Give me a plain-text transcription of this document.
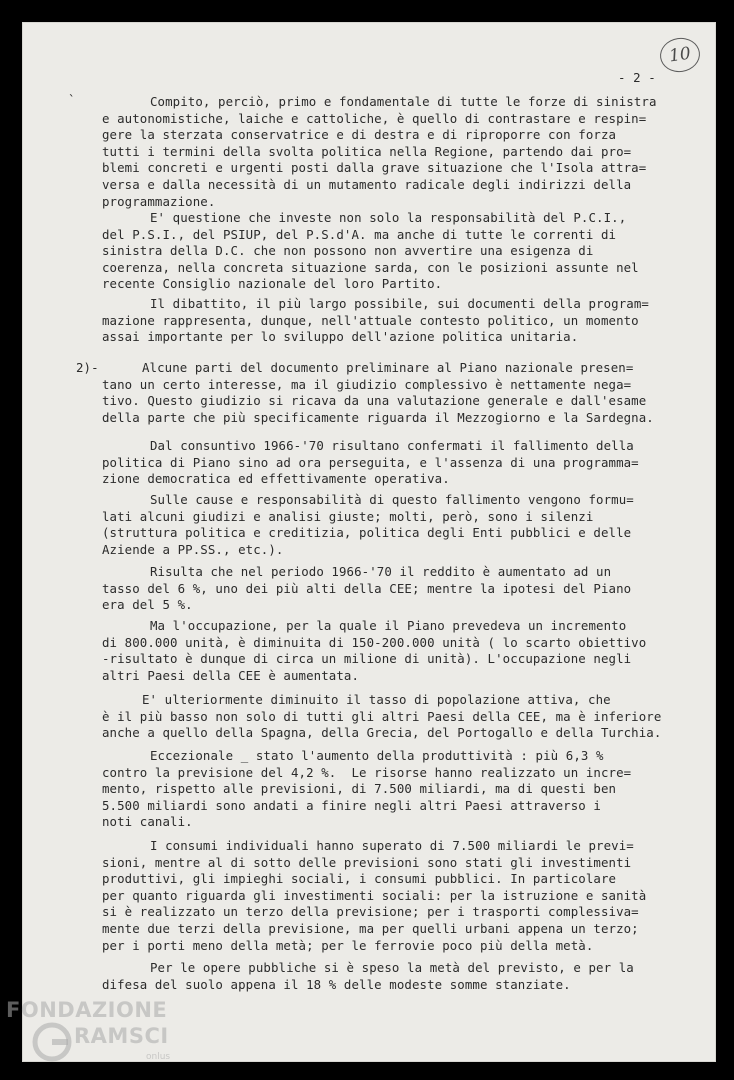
10
- 2 -
`
2)-
Compito, perciò, primo e fondamentale di tutte le forze di sinistra
e autonomistiche, laiche e cattoliche, è quello di contrastare e respin=
gere la sterzata conservatrice e di destra e di riproporre con forza
tutti i termini della svolta politica nella Regione, partendo dai pro=
blemi concreti e urgenti posti dalla grave situazione che l'Isola attra=
versa e dalla necessità di un mutamento radicale degli indirizzi della
programmazione.
E' questione che investe non solo la responsabilità del P.C.I.,
del P.S.I., del PSIUP, del P.S.d'A. ma anche di tutte le correnti di
sinistra della D.C. che non possono non avvertire una esigenza di
coerenza, nella concreta situazione sarda, con le posizioni assunte nel
recente Consiglio nazionale del loro Partito.
Il dibattito, il più largo possibile, sui documenti della program=
mazione rappresenta, dunque, nell'attuale contesto politico, un momento
assai importante per lo sviluppo dell'azione politica unitaria.
Alcune parti del documento preliminare al Piano nazionale presen=
tano un certo interesse, ma il giudizio complessivo è nettamente nega=
tivo. Questo giudizio si ricava da una valutazione generale e dall'esame
della parte che più specificamente riguarda il Mezzogiorno e la Sardegna.
Dal consuntivo 1966-'70 risultano confermati il fallimento della
politica di Piano sino ad ora perseguita, e l'assenza di una programma=
zione democratica ed effettivamente operativa.
Sulle cause e responsabilità di questo fallimento vengono formu=
lati alcuni giudizi e analisi giuste; molti, però, sono i silenzi
(struttura politica e creditizia, politica degli Enti pubblici e delle
Aziende a PP.SS., etc.).
Risulta che nel periodo 1966-'70 il reddito è aumentato ad un
tasso del 6 %, uno dei più alti della CEE; mentre la ipotesi del Piano
era del 5 %.
Ma l'occupazione, per la quale il Piano prevedeva un incremento
di 800.000 unità, è diminuita di 150-200.000 unità ( lo scarto obiettivo
-risultato è dunque di circa un milione di unità). L'occupazione negli
altri Paesi della CEE è aumentata.
E' ulteriormente diminuito il tasso di popolazione attiva, che
è il più basso non solo di tutti gli altri Paesi della CEE, ma è inferiore
anche a quello della Spagna, della Grecia, del Portogallo e della Turchia.
Eccezionale _ stato l'aumento della produttività : più 6,3 %
contro la previsione del 4,2 %.  Le risorse hanno realizzato un incre=
mento, rispetto alle previsioni, di 7.500 miliardi, ma di questi ben
5.500 miliardi sono andati a finire negli altri Paesi attraverso i
noti canali.
I consumi individuali hanno superato di 7.500 miliardi le previ=
sioni, mentre al di sotto delle previsioni sono stati gli investimenti
produttivi, gli impieghi sociali, i consumi pubblici. In particolare
per quanto riguarda gli investimenti sociali: per la istruzione e sanità
si è realizzato un terzo della previsione; per i trasporti complessiva=
mente due terzi della previsione, ma per quelli urbani appena un terzo;
per i porti meno della metà; per le ferrovie poco più della metà.
Per le opere pubbliche si è speso la metà del previsto, e per la
difesa del suolo appena il 18 % delle modeste somme stanziate.
FONDAZIONE
RAMSCI
onlus
